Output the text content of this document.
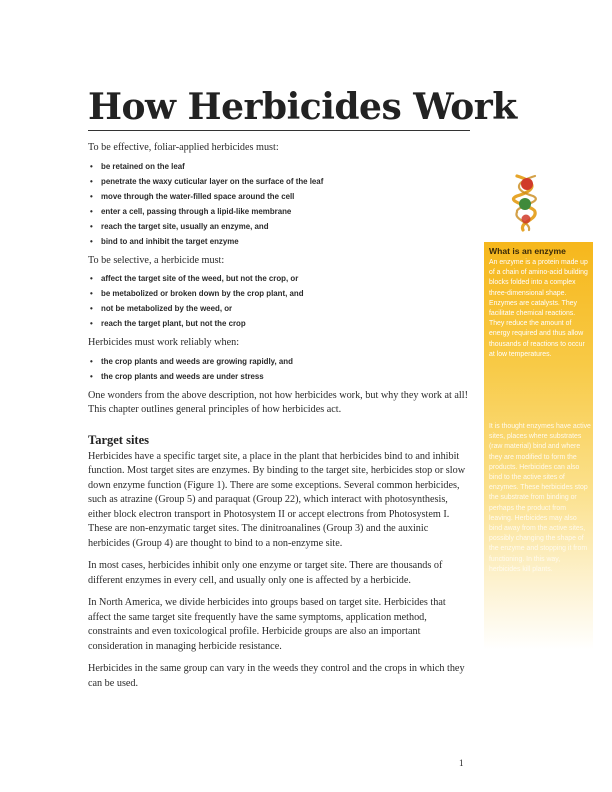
How Herbicides Work

To be effective, foliar-applied herbicides must:

• be retained on the leaf
• penetrate the waxy cuticular layer on the surface of the leaf
• move through the water-filled space around the cell
• enter a cell, passing through a lipid-like membrane
• reach the target site, usually an enzyme, and
• bind to and inhibit the target enzyme

To be selective, a herbicide must:

• affect the target site of the weed, but not the crop, or
• be metabolized or broken down by the crop plant, and
• not be metabolized by the weed, or
• reach the target plant, but not the crop

Herbicides must work reliably when:

• the crop plants and weeds are growing rapidly, and
• the crop plants and weeds are under stress

One wonders from the above description, not how herbicides work, but why they work at all! This chapter outlines general principles of how herbicides act.

Target sites

Herbicides have a specific target site, a place in the plant that herbicides bind to and inhibit function. Most target sites are enzymes. By binding to the target site, herbicides stop or slow down enzyme function (Figure 1). There are some exceptions. Several common herbicides, such as atrazine (Group 5) and paraquat (Group 22), which interact with photosynthesis, either block electron transport in Photosystem II or accept electrons from Photosystem I. These are non-enzymatic target sites. The dinitroanalines (Group 3) and the auxinic herbicides (Group 4) are thought to bind to a non-enzyme site.

In most cases, herbicides inhibit only one enzyme or target site. There are thousands of different enzymes in every cell, and usually only one is affected by a herbicide.

In North America, we divide herbicides into groups based on target site. Herbicides that affect the same target site frequently have the same symptoms, application method, constraints and even toxicological profile. Herbicide groups are also an important consideration in managing herbicide resistance.

Herbicides in the same group can vary in the weeds they control and the crops in which they can be used.

What is an enzyme

An enzyme is a protein made up of a chain of amino-acid building blocks folded into a complex three-dimensional shape. Enzymes are catalysts. They facilitate chemical reactions. They reduce the amount of energy required and thus allow thousands of reactions to occur at low temperatures.

It is thought enzymes have active sites, places where substrates (raw material) bind and where they are modified to form the products. Herbicides can also bind to the active sites of enzymes. These herbicides stop the substrate from binding or perhaps the product from leaving. Herbicides may also bind away from the active sites, possibly changing the shape of the enzyme and stopping it from functioning. In this way, herbicides kill plants.

1
